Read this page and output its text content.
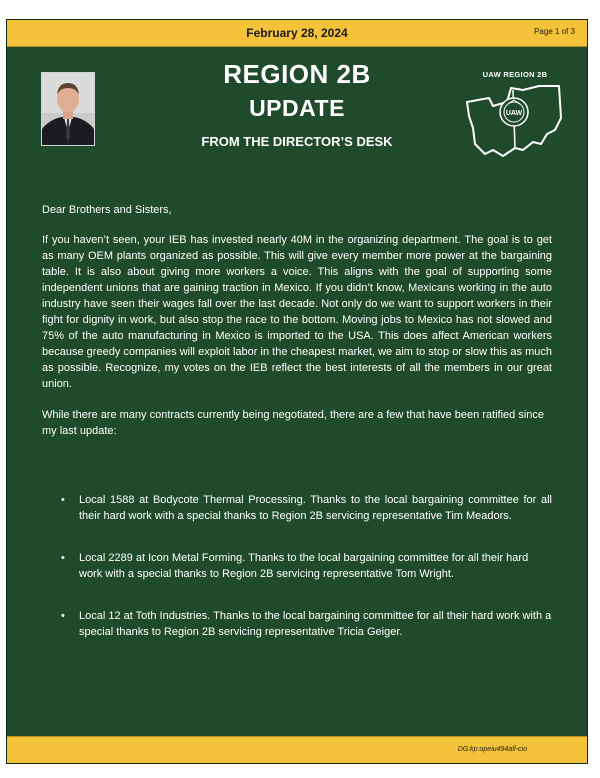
February 28, 2024	Page 1 of 3
REGION 2B
UPDATE
FROM THE DIRECTOR’S DESK
UAW REGION 2B
UAW

Dear Brothers and Sisters,

If you haven’t seen, your IEB has invested nearly 40M in the organizing department. The goal is to get as many OEM plants organized as possible. This will give every member more power at the bargaining table. It is also about giving more workers a voice. This aligns with the goal of supporting some independent unions that are gaining traction in Mexico. If you didn’t know, Mexicans working in the auto industry have seen their wages fall over the last decade. Not only do we want to support workers in their fight for dignity in work, but also stop the race to the bottom. Moving jobs to Mexico has not slowed and 75% of the auto manufacturing in Mexico is imported to the USA. This does affect American workers because greedy companies will exploit labor in the cheapest market, we aim to stop or slow this as much as possible. Recognize, my votes on the IEB reflect the best interests of all the members in our great union.

While there are many contracts currently being negotiated, there are a few that have been ratified since my last update:

• Local 1588 at Bodycote Thermal Processing. Thanks to the local bargaining committee for all their hard work with a special thanks to Region 2B servicing representative Tim Meadors.
• Local 2289 at Icon Metal Forming. Thanks to the local bargaining committee for all their hard work with a special thanks to Region 2B servicing representative Tom Wright.
• Local 12 at Toth Industries. Thanks to the local bargaining committee for all their hard work with a special thanks to Region 2B servicing representative Tricia Geiger.
DG:kp:opeiu494afl-cio
